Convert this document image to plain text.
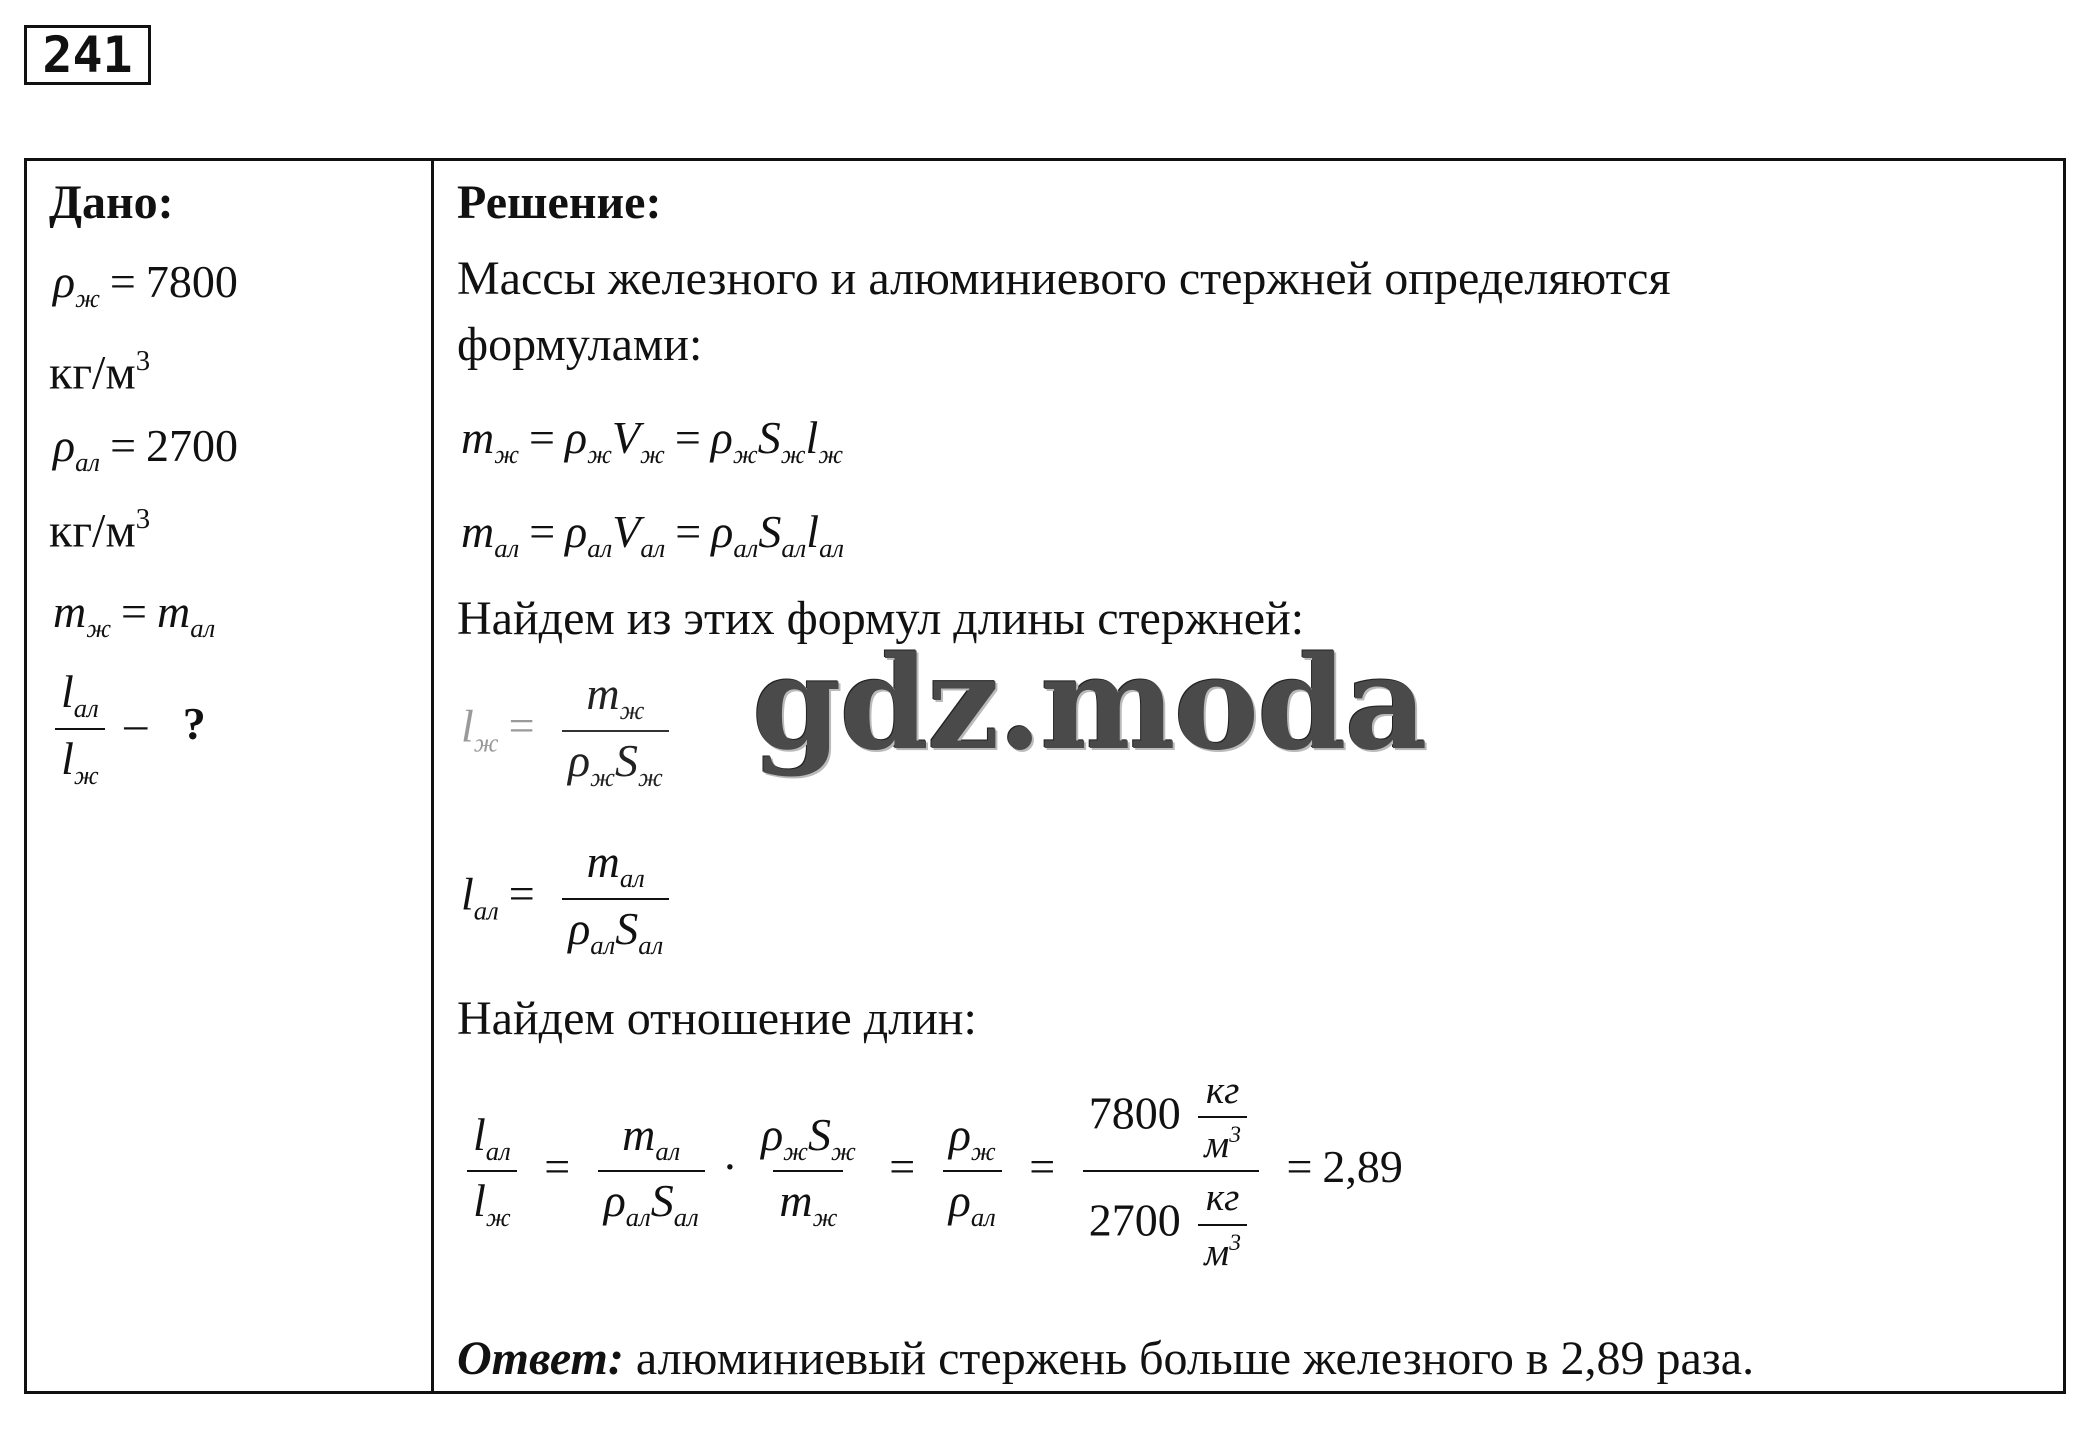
241
Дано:
$\rho_ж = 7800$
$кг/м^3$
$\rho_{ал} = 2700$
$кг/м^3$
$m_ж = m_{ал}$
$\frac{l_{ал}}{l_ж}$ – ?
Решение:
Массы железного и алюминиевого стержней определяются
формулами:
$m_ж = \rho_жV_ж = \rho_жS_жl_ж$
$m_{ал} = \rho_{ал}V_{ал} = \rho_{ал}S_{ал}l_{ал}$
Найдем из этих формул длины стержней:
$l_ж = \frac{m_ж}{\rho_жS_ж}$
$l_{ал} = \frac{m_{ал}}{\rho_{ал}S_{ал}}$
Найдем отношение длин:
$\frac{l_{ал}}{l_ж} = \frac{m_{ал}}{\rho_{ал}S_{ал}} \cdot \frac{\rho_жS_ж}{m_ж} = \frac{\rho_ж}{\rho_{ал}} = \frac{7800 \frac{кг}{м^3}}{2700 \frac{кг}{м^3}} = 2,89$
Ответ: алюминиевый стержень больше железного в 2,89 раза.
gdz.moda
